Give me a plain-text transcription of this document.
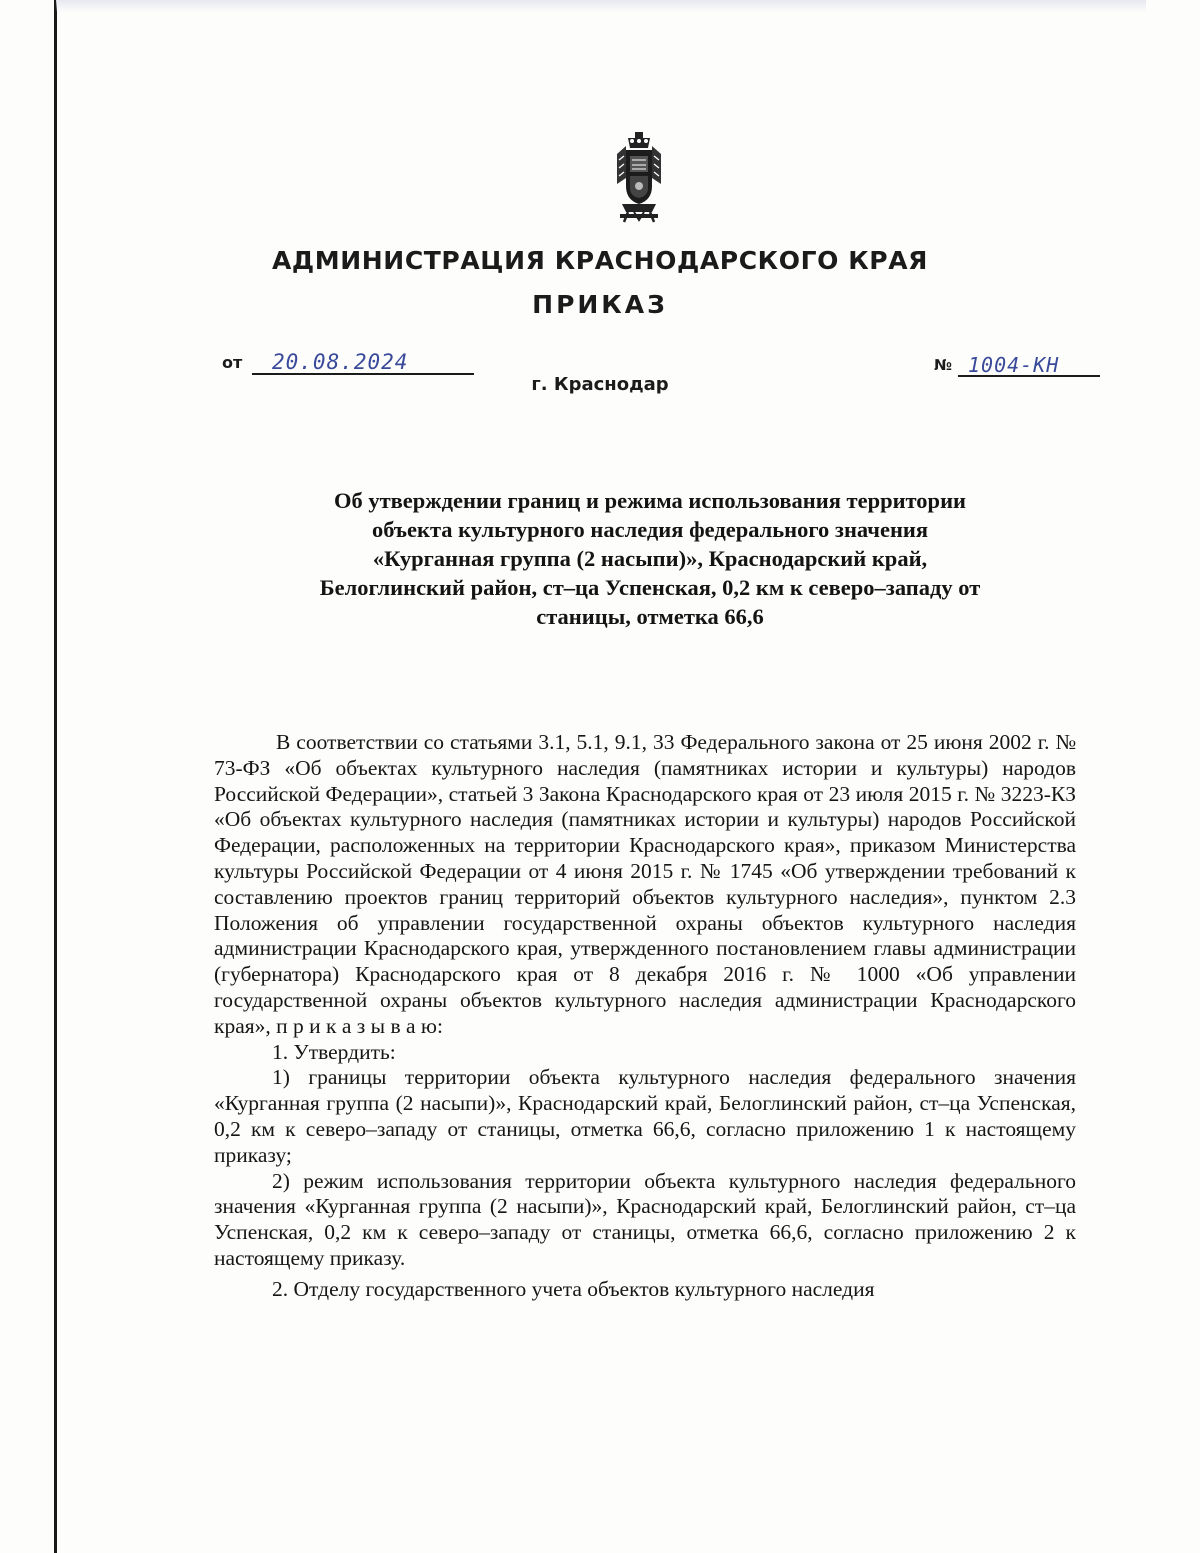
АДМИНИСТРАЦИЯ КРАСНОДАРСКОГО КРАЯ
ПРИКАЗ
от 20.08.2024	№ 1004-КН
г. Краснодар
Об утверждении границ и режима использования территории
объекта культурного наследия федерального значения
«Курганная группа (2 насыпи)», Краснодарский край,
Белоглинский район, ст–ца Успенская, 0,2 км к северо–западу от
станицы, отметка 66,6

В соответствии со статьями 3.1, 5.1, 9.1, 33 Федерального закона от 25 июня 2002 г. № 73-ФЗ «Об объектах культурного наследия (памятниках истории и культуры) народов Российской Федерации», статьей 3 Закона Краснодарского края от 23 июля 2015 г. № 3223-КЗ «Об объектах культурного наследия (памятниках истории и культуры) народов Российской Федерации, расположенных на территории Краснодарского края», приказом Министерства культуры Российской Федерации от 4 июня 2015 г. № 1745 «Об утверждении требований к составлению проектов границ территорий объектов культурного наследия», пунктом 2.3 Положения об управлении государственной охраны объектов культурного наследия администрации Краснодарского края, утвержденного постановлением главы администрации (губернатора) Краснодарского края от 8 декабря 2016 г. № 1000 «Об управлении государственной охраны объектов культурного наследия администрации Краснодарского края», п р и к а з ы в а ю:

1. Утвердить:

1) границы территории объекта культурного наследия федерального значения «Курганная группа (2 насыпи)», Краснодарский край, Белоглинский район, ст–ца Успенская, 0,2 км к северо–западу от станицы, отметка 66,6, согласно приложению 1 к настоящему приказу;

2) режим использования территории объекта культурного наследия федерального значения «Курганная группа (2 насыпи)», Краснодарский край, Белоглинский район, ст–ца Успенская, 0,2 км к северо–западу от станицы, отметка 66,6, согласно приложению 2 к настоящему приказу.

2. Отделу государственного учета объектов культурного наследия
